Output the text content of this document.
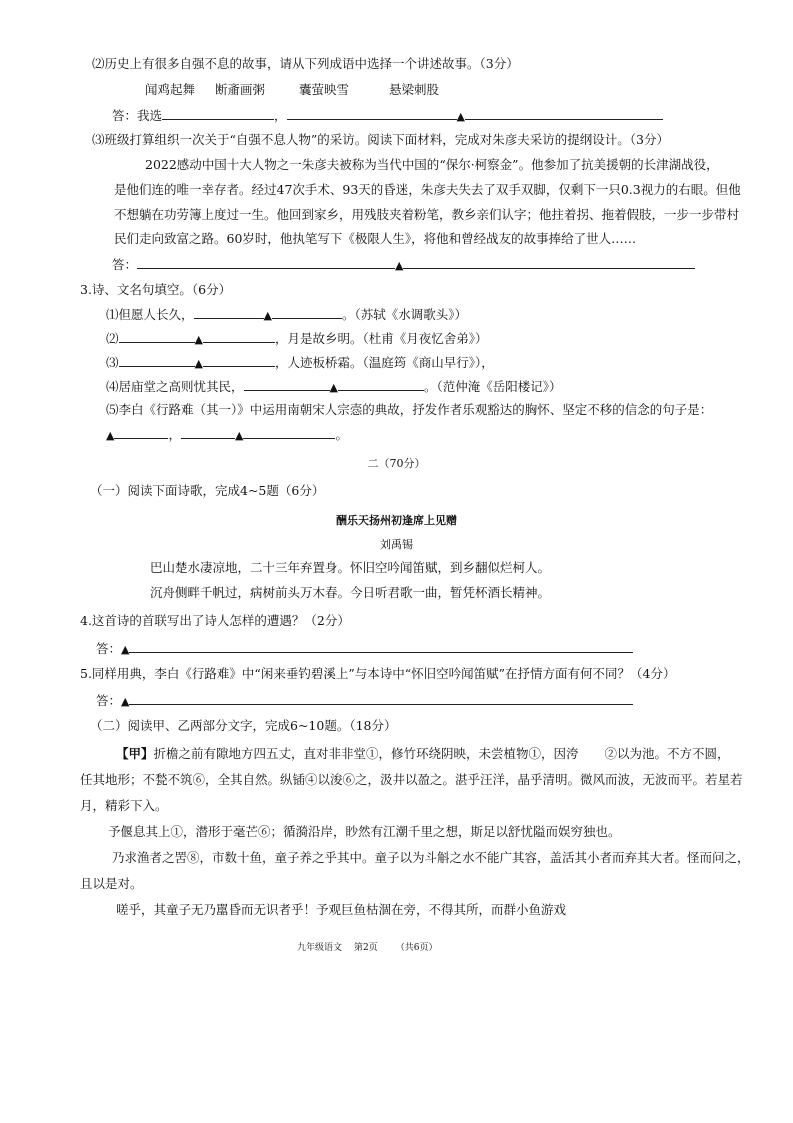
⑵历史上有很多自强不息的故事，请从下列成语中选择一个讲述故事。（3分）
闻鸡起舞 断齑画粥	囊萤映雪	悬梁刺股
答：我选	，	▲
⑶班级打算组织一次关于“自强不息人物”的采访。阅读下面材料，完成对朱彦夫采访的提纲设计。（3分）
2022感动中国十大人物之一朱彦夫被称为当代中国的“保尔·柯察金”。他参加了抗美援朝的长津湖战役，
是他们连的唯一幸存者。经过47次手术、93天的昏迷，朱彦夫失去了双手双脚，仅剩下一只0.3视力的右眼。但他
不想躺在功劳簿上度过一生。他回到家乡，用残肢夹着粉笔，教乡亲们认字；他拄着拐、拖着假肢，一步一步带村
民们走向致富之路。60岁时，他执笔写下《极限人生》，将他和曾经战友的故事捧给了世人……
答：	▲
3.诗、文名句填空。（6分）
⑴但愿人长久，	▲	。（苏轼《水调歌头》）
⑵	▲	，月是故乡明。（杜甫《月夜忆舍弟》）
⑶	▲	，人迹板桥霜。（温庭筠《商山早行》），
⑷居庙堂之高则忧其民，	▲	。（范仲淹《岳阳楼记》）
⑸李白《行路难（其一）》中运用南朝宋人宗悫的典故，抒发作者乐观豁达的胸怀、坚定不移的信念的句子是：
▲	，	▲	。
二（70分）
（一）阅读下面诗歌，完成4~5题（6分）
酬乐天扬州初逢席上见赠
刘禹锡
巴山楚水凄凉地，二十三年弃置身。怀旧空吟闻笛赋，到乡翻似烂柯人。
沉舟侧畔千帆过，病树前头万木春。今日听君歌一曲，暂凭杯酒长精神。
4.这首诗的首联写出了诗人怎样的遭遇？（2分）
答：▲
5.同样用典，李白《行路难》中“闲来垂钓碧溪上”与本诗中“怀旧空吟闻笛赋”在抒情方面有何不同？（4分）
答：▲
（二）阅读甲、乙两部分文字，完成6~10题。（18分）
【甲】折檐之前有隙地方四五丈，直对非非堂①，修竹环绕阴映，未尝植物①，因洿 ②以为池。不方不圆，
任其地形；不甃不筑⑥，全其自然。纵锸④以浚⑥之，汲井以盈之。湛乎汪洋，晶乎清明。微风而波，无波而平。若星若
月，精彩下入。
予偃息其上①，潜形于毫芒⑥；循漪沿岸，眇然有江潮千里之想，斯足以舒忧隘而娱穷独也。
乃求渔者之罟⑧，市数十鱼，童子养之乎其中。童子以为斗斛之水不能广其容，盖活其小者而弃其大者。怪而问之，
且以是对。
嗟乎，其童子无乃嚚昏而无识者乎！予观巨鱼枯涸在旁，不得其所，而群小鱼游戏
九年级语文 第2页 （共6页）
